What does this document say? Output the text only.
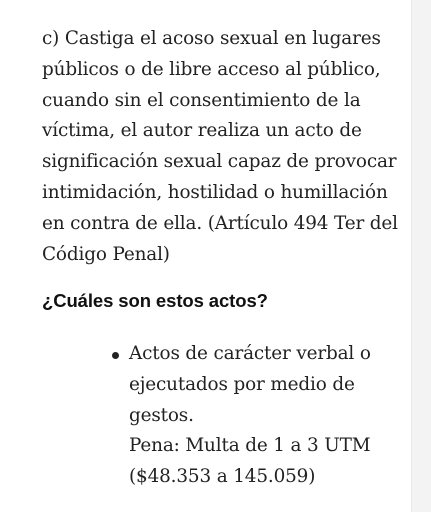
c) Castiga el acoso sexual en lugares
públicos o de libre acceso al público,
cuando sin el consentimiento de la
víctima, el autor realiza un acto de
significación sexual capaz de provocar
intimidación, hostilidad o humillación
en contra de ella. (Artículo 494 Ter del
Código Penal)

¿Cuáles son estos actos?
Actos de carácter verbal o
ejecutados por medio de
gestos.
Pena: Multa de 1 a 3 UTM
($48.353 a 145.059)
